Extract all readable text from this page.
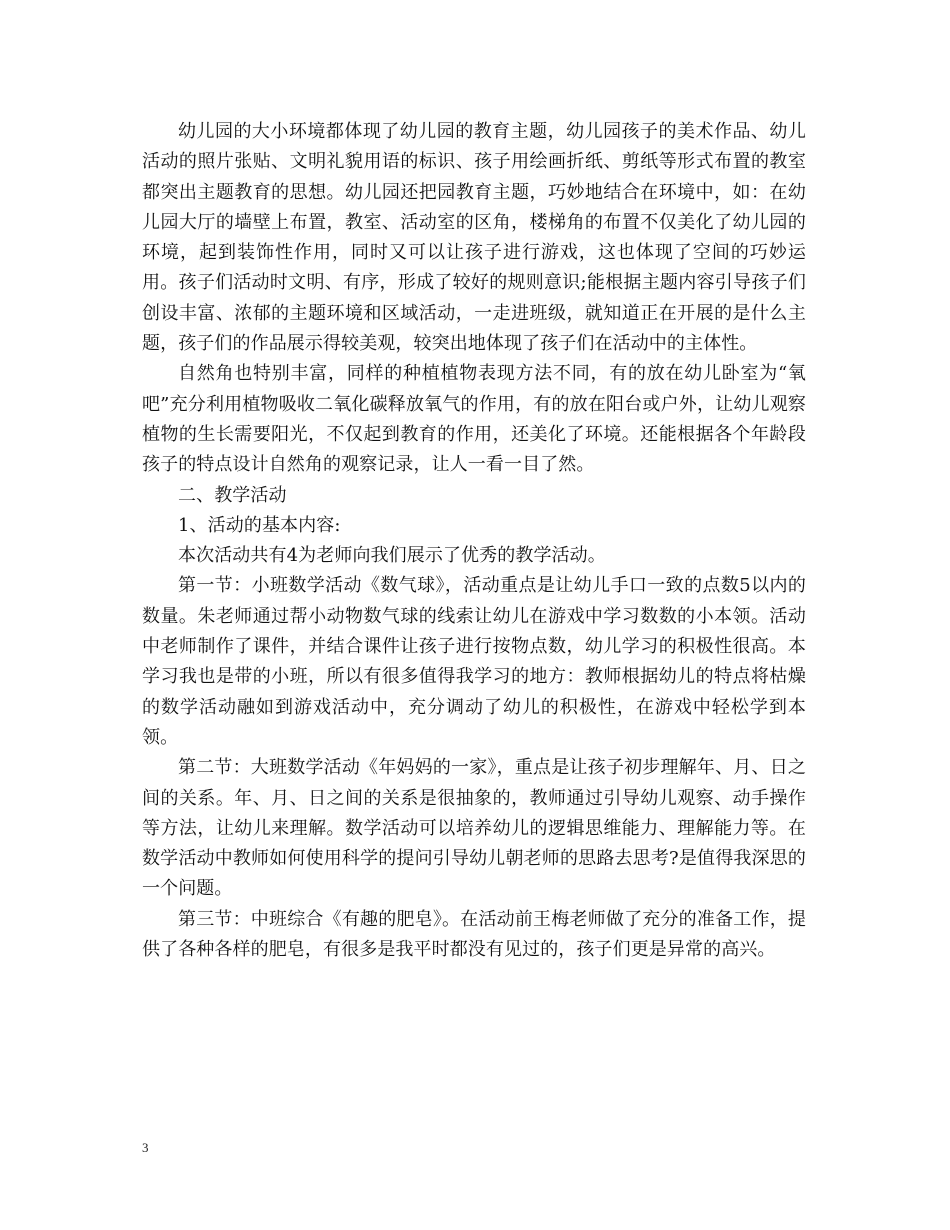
幼儿园的大小环境都体现了幼儿园的教育主题，幼儿园孩子的美术作品、幼儿活动的照片张贴、文明礼貌用语的标识、孩子用绘画折纸、剪纸等形式布置的教室都突出主题教育的思想。幼儿园还把园教育主题，巧妙地结合在环境中，如：在幼儿园大厅的墙壁上布置，教室、活动室的区角，楼梯角的布置不仅美化了幼儿园的环境，起到装饰性作用，同时又可以让孩子进行游戏，这也体现了空间的巧妙运用。孩子们活动时文明、有序，形成了较好的规则意识;能根据主题内容引导孩子们创设丰富、浓郁的主题环境和区域活动，一走进班级，就知道正在开展的是什么主题，孩子们的作品展示得较美观，较突出地体现了孩子们在活动中的主体性。

自然角也特别丰富，同样的种植植物表现方法不同，有的放在幼儿卧室为“氧吧”充分利用植物吸收二氧化碳释放氧气的作用，有的放在阳台或户外，让幼儿观察植物的生长需要阳光，不仅起到教育的作用，还美化了环境。还能根据各个年龄段孩子的特点设计自然角的观察记录，让人一看一目了然。

二、教学活动

1、活动的基本内容:

本次活动共有4为老师向我们展示了优秀的教学活动。

第一节：小班数学活动《数气球》，活动重点是让幼儿手口一致的点数5以内的数量。朱老师通过帮小动物数气球的线索让幼儿在游戏中学习数数的小本领。活动中老师制作了课件，并结合课件让孩子进行按物点数，幼儿学习的积极性很高。本学习我也是带的小班，所以有很多值得我学习的地方：教师根据幼儿的特点将枯燥的数学活动融如到游戏活动中，充分调动了幼儿的积极性，在游戏中轻松学到本领。

第二节：大班数学活动《年妈妈的一家》，重点是让孩子初步理解年、月、日之间的关系。年、月、日之间的关系是很抽象的，教师通过引导幼儿观察、动手操作等方法，让幼儿来理解。数学活动可以培养幼儿的逻辑思维能力、理解能力等。在数学活动中教师如何使用科学的提问引导幼儿朝老师的思路去思考?是值得我深思的一个问题。

第三节：中班综合《有趣的肥皂》。在活动前王梅老师做了充分的准备工作，提供了各种各样的肥皂，有很多是我平时都没有见过的，孩子们更是异常的高兴。

3
